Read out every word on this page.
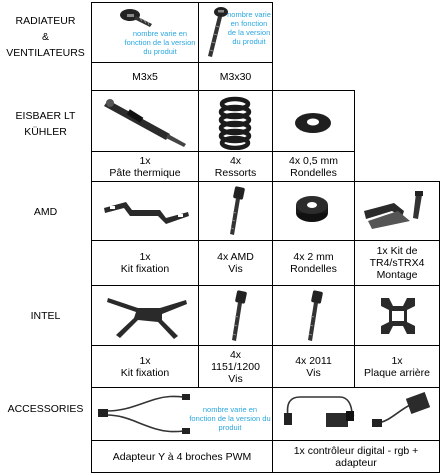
RADIATEUR
&
VENTILATEURS
EISBAER LT
KÜHLER
AMD
INTEL
ACCESSORIES
nombre varie en fonction de la version du produit
M3x5
nombre varie en fonction de la version du produit
M3x30
1x
Pâte thermique
4x
Ressorts
4x 0,5 mm
Rondelles
1x
Kit fixation
4x AMD
Vis
4x 2 mm
Rondelles
1x Kit de
TR4/sTRX4
Montage
1x
Kit fixation
4x
1151/1200
Vis
4x 2011
Vis
1x
Plaque arrière
nombre varie en fonction de la version du produit
Adapteur Y à 4 broches PWM	1x contrôleur digital - rgb +
adapteur
